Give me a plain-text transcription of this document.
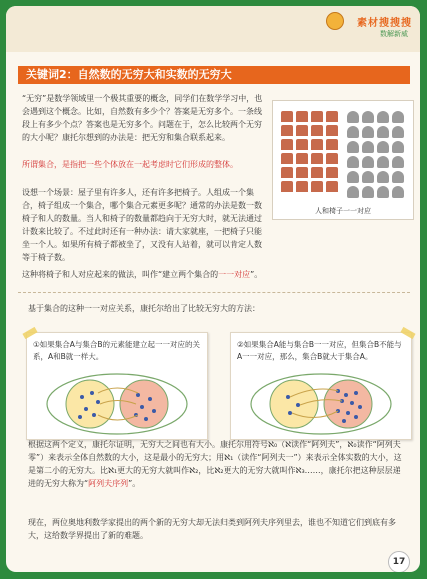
素材搜搜搜
数解新威
关键词2：自然数的无穷大和实数的无穷大
“无穷”是数学领域里一个极其重要的概念，同学们在数学学习中，也会遇到这个概念。比如，自然数有多少个？答案是无穷多个。一条线段上有多少个点？答案也是无穷多个。问题在于，怎么比较两个无穷的大小呢？康托尔想到的办法是：把无穷和集合联系起来。
所谓集合，是指把一些个体放在一起考虑时它们形成的整体。
设想一个场景：屋子里有许多人，还有许多把椅子。人组成一个集合，椅子组成一个集合，哪个集合元素更多呢？通常的办法是数一数椅子和人的数量。当人和椅子的数量都趋向于无穷大时，就无法通过计数来比较了。不过此时还有一种办法：请大家就座，一把椅子只能坐一个人。如果所有椅子都被坐了，又没有人站着，就可以肯定人数等于椅子数。
这种将椅子和人对应起来的做法，叫作“建立两个集合的一一对应”。
人和椅子一一对应
基于集合的这种一一对应关系，康托尔给出了比较无穷大的方法：
①如果集合A与集合B的元素能建立起一一对应的关系，A和B就一样大。
②如果集合A能与集合B一一对应，但集合B不能与A一一对应，那么，集合B就大于集合A。
根据这两个定义，康托尔证明，无穷大之间也有大小。康托尔用符号ℵ₀（ℵ读作“阿列夫”，ℵ₀读作“阿列夫零”）来表示全体自然数的大小，这是最小的无穷大；用ℵ₁（读作“阿列夫一”）来表示全体实数的大小，这是第二小的无穷大。比ℵ₁更大的无穷大就叫作ℵ₂，比ℵ₂更大的无穷大就叫作ℵ₃……，康托尔把这种层层递进的无穷大称为“阿列夫序列”。
现在，两位奥地利数学家提出的两个新的无穷大却无法归类到阿列夫序列里去，谁也不知道它们到底有多大，这给数学界提出了新的难题。
17
